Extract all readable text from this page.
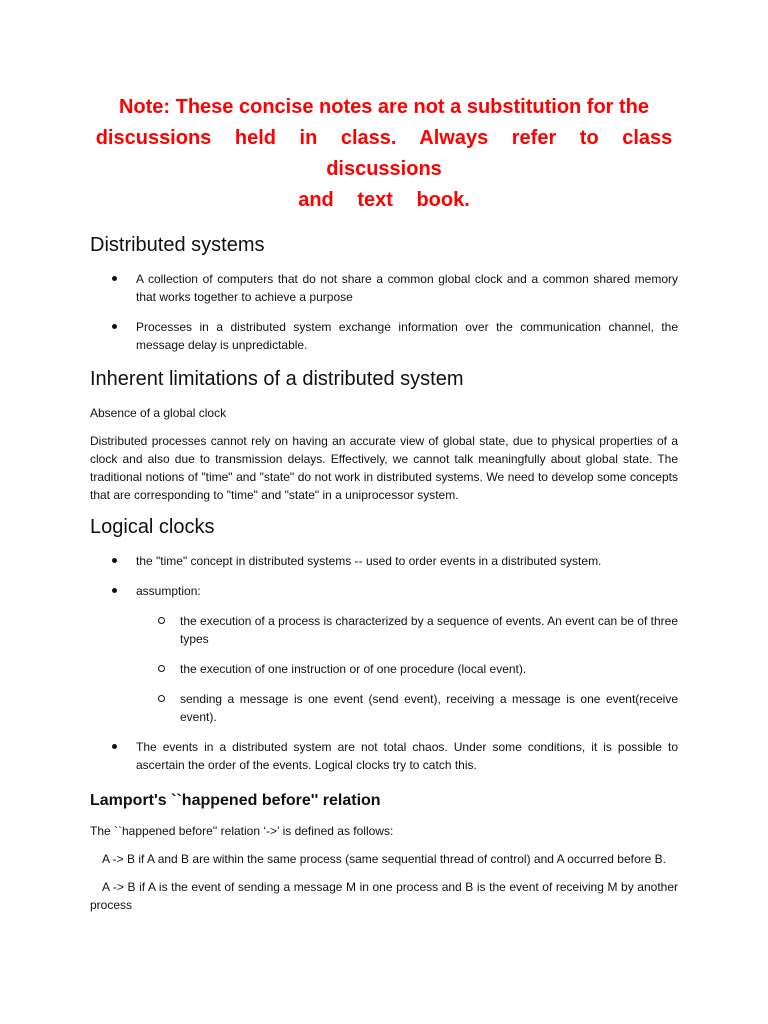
Note: These concise notes are not a substitution for the
discussions held in class. Always refer to class discussions
and text book.
Distributed systems
A collection of computers that do not share a common global clock and a common shared memory that works together to achieve a purpose
Processes in a distributed system exchange information over the communication channel, the message delay is unpredictable.
Inherent limitations of a distributed system

Absence of a global clock

Distributed processes cannot rely on having an accurate view of global state, due to physical properties of a clock and also due to transmission delays. Effectively, we cannot talk meaningfully about global state. The traditional notions of "time" and "state" do not work in distributed systems. We need to develop some concepts that are corresponding to "time" and "state" in a uniprocessor system.

Logical clocks
the "time" concept in distributed systems -- used to order events in a distributed system.
assumption:
the execution of a process is characterized by a sequence of events. An event can be of three types
the execution of one instruction or of one procedure (local event).
sending a message is one event (send event), receiving a message is one event(receive event).
The events in a distributed system are not total chaos. Under some conditions, it is possible to ascertain the order of the events. Logical clocks try to catch this.
Lamport's ``happened before'' relation

The ``happened before'' relation ‘->’ is defined as follows:

A -> B if A and B are within the same process (same sequential thread of control) and A occurred before B.

A -> B if A is the event of sending a message M in one process and B is the event of receiving M by another process
